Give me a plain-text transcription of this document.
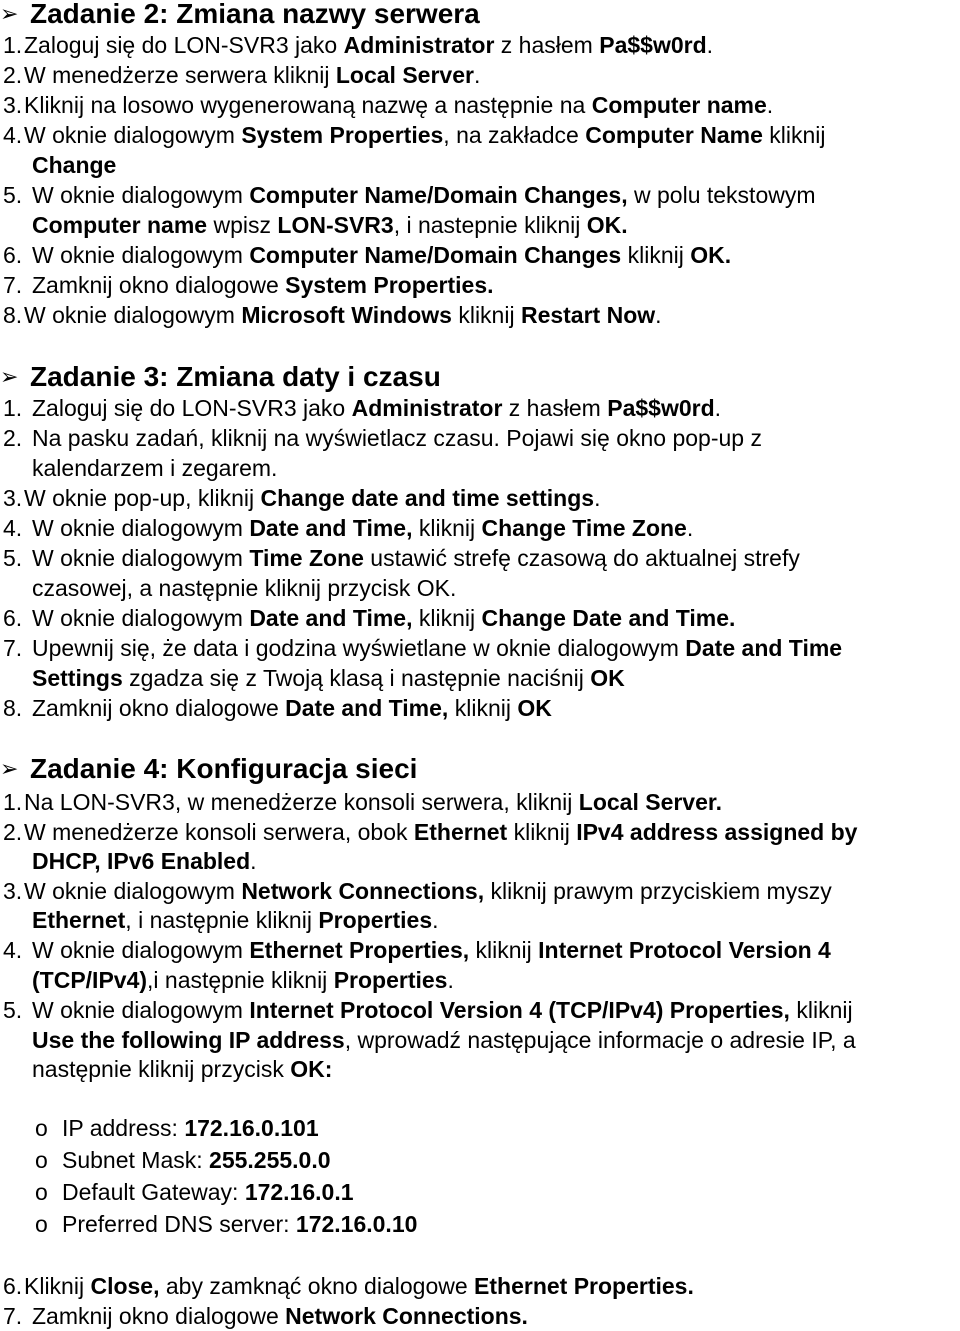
➢ Zadanie 2: Zmiana nazwy serwera
1. Zaloguj się do LON-SVR3 jako Administrator z hasłem Pa$$w0rd.
2. W menedżerze serwera kliknij Local Server.
3. Kliknij na losowo wygenerowaną nazwę a następnie na Computer name.
4. W oknie dialogowym System Properties, na zakładce Computer Name kliknij
Change
5. W oknie dialogowym Computer Name/Domain Changes, w polu tekstowym
Computer name wpisz LON-SVR3, i nastepnie kliknij OK.
6. W oknie dialogowym Computer Name/Domain Changes kliknij OK.
7. Zamknij okno dialogowe System Properties.
8. W oknie dialogowym Microsoft Windows kliknij Restart Now.
➢ Zadanie 3: Zmiana daty i czasu
1. Zaloguj się do LON-SVR3 jako Administrator z hasłem Pa$$w0rd.
2. Na pasku zadań, kliknij na wyświetlacz czasu. Pojawi się okno pop-up z
kalendarzem i zegarem.
3. W oknie pop-up, kliknij Change date and time settings.
4. W oknie dialogowym Date and Time, kliknij Change Time Zone.
5. W oknie dialogowym Time Zone ustawić strefę czasową do aktualnej strefy
czasowej, a następnie kliknij przycisk OK.
6. W oknie dialogowym Date and Time, kliknij Change Date and Time.
7. Upewnij się, że data i godzina wyświetlane w oknie dialogowym Date and Time
Settings zgadza się z Twoją klasą i następnie naciśnij OK
8. Zamknij okno dialogowe Date and Time, kliknij OK
➢ Zadanie 4: Konfiguracja sieci
1. Na LON-SVR3, w menedżerze konsoli serwera, kliknij Local Server.
2. W menedżerze konsoli serwera, obok Ethernet kliknij IPv4 address assigned by
DHCP, IPv6 Enabled.
3. W oknie dialogowym Network Connections, kliknij prawym przyciskiem myszy
Ethernet, i następnie kliknij Properties.
4. W oknie dialogowym Ethernet Properties, kliknij Internet Protocol Version 4
(TCP/IPv4),i następnie kliknij Properties.
5. W oknie dialogowym Internet Protocol Version 4 (TCP/IPv4) Properties, kliknij
Use the following IP address, wprowadź następujące informacje o adresie IP, a
następnie kliknij przycisk OK:
o IP address: 172.16.0.101
o Subnet Mask: 255.255.0.0
o Default Gateway: 172.16.0.1
o Preferred DNS server: 172.16.0.10
6. Kliknij Close, aby zamknąć okno dialogowe Ethernet Properties.
7. Zamknij okno dialogowe Network Connections.
